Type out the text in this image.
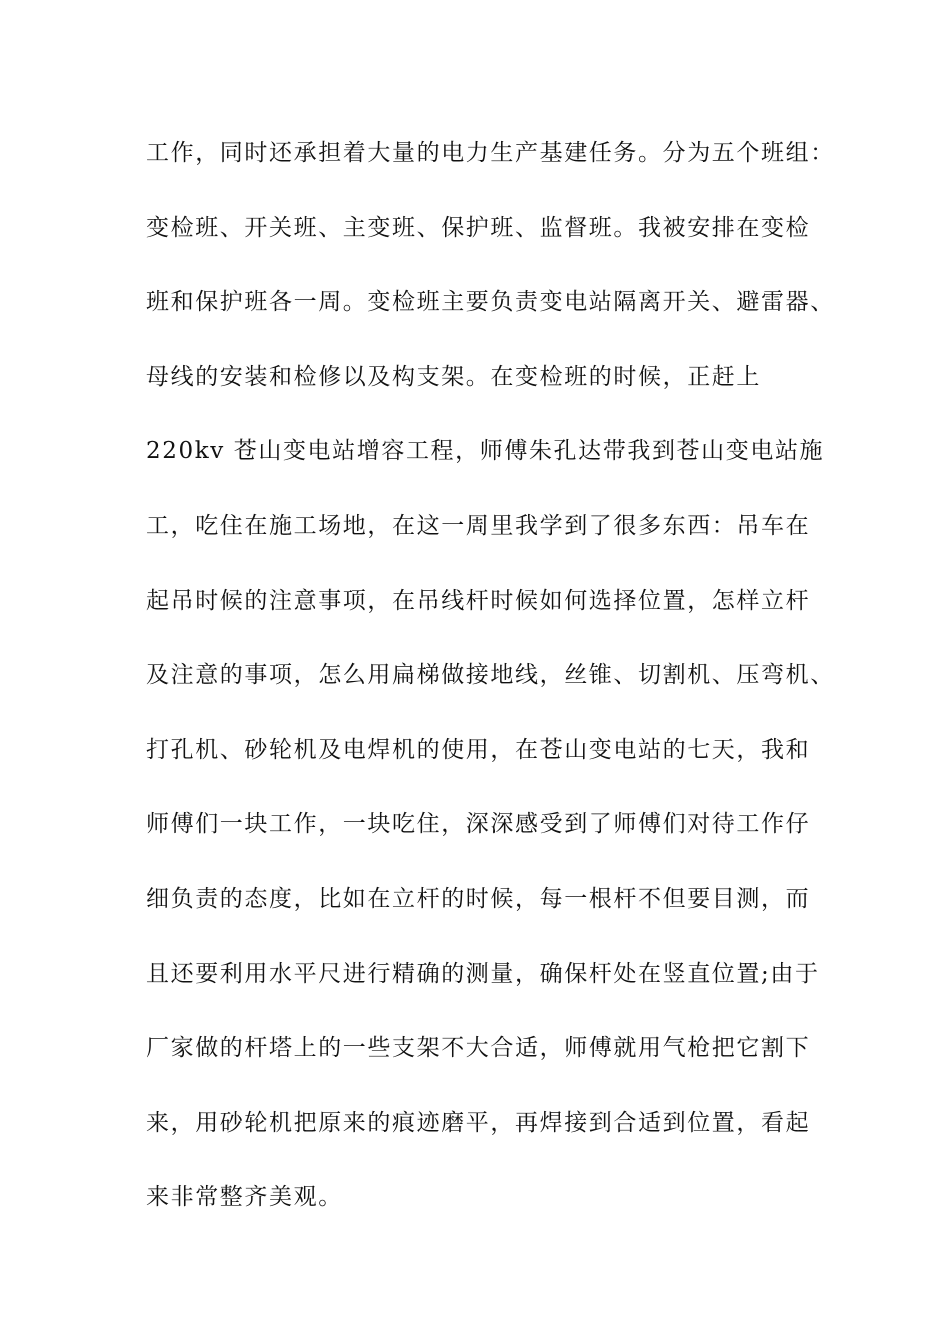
工作，同时还承担着大量的电力生产基建任务。分为五个班组：
变检班、开关班、主变班、保护班、监督班。我被安排在变检
班和保护班各一周。变检班主要负责变电站隔离开关、避雷器、
母线的安装和检修以及构支架。在变检班的时候，正赶上
220kv 苍山变电站增容工程，师傅朱孔达带我到苍山变电站施
工，吃住在施工场地，在这一周里我学到了很多东西：吊车在
起吊时候的注意事项，在吊线杆时候如何选择位置，怎样立杆
及注意的事项，怎么用扁梯做接地线，丝锥、切割机、压弯机、
打孔机、砂轮机及电焊机的使用，在苍山变电站的七天，我和
师傅们一块工作，一块吃住，深深感受到了师傅们对待工作仔
细负责的态度，比如在立杆的时候，每一根杆不但要目测，而
且还要利用水平尺进行精确的测量，确保杆处在竖直位置;由于
厂家做的杆塔上的一些支架不大合适，师傅就用气枪把它割下
来，用砂轮机把原来的痕迹磨平，再焊接到合适到位置，看起
来非常整齐美观。
